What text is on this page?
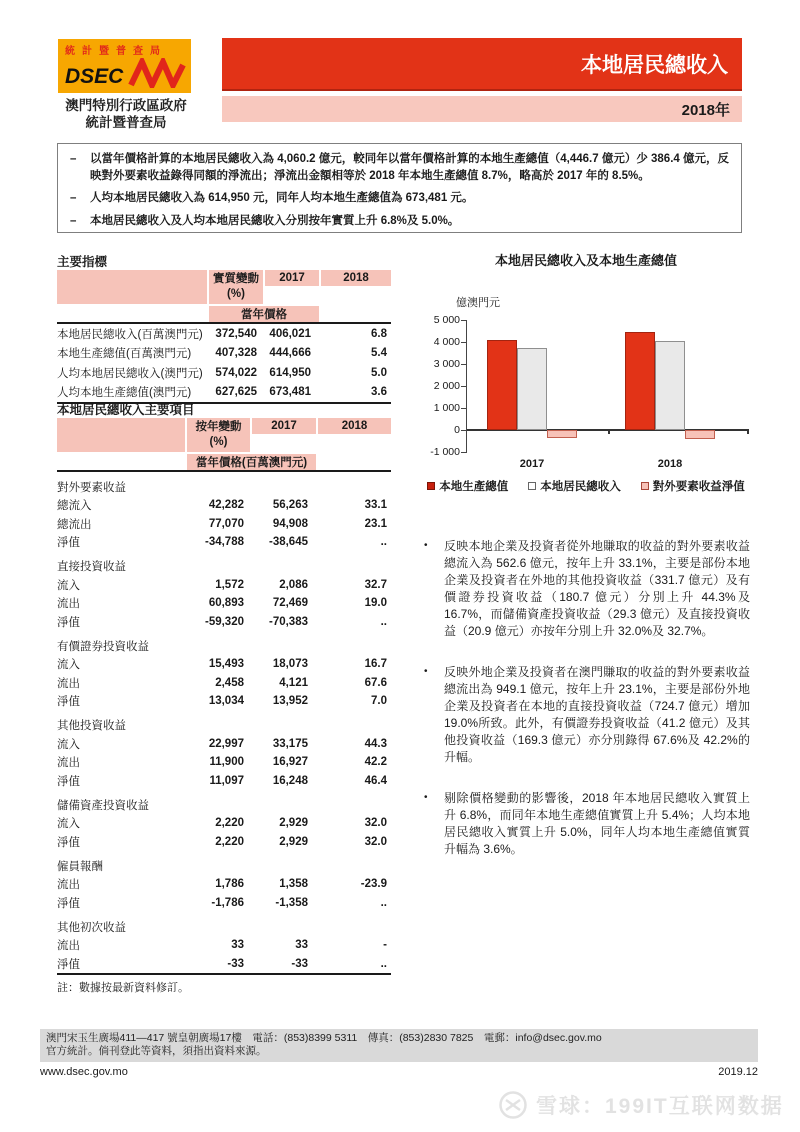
統計暨普查局
DSEC
澳門特別行政區政府
統計暨普查局
本地居民總收入
2018年
–	以當年價格計算的本地居民總收入為 4,060.2 億元，較同年以當年價格計算的本地生產總值（4,446.7 億元）少 386.4 億元，反映對外要素收益錄得同額的淨流出；淨流出金額相等於 2018 年本地生產總值 8.7%，略高於 2017 年的 8.5%。
–	人均本地居民總收入為 614,950 元，同年人均本地生產總值為 673,481 元。
–	本地居民總收入及人均本地居民總收入分別按年實質上升 6.8%及 5.0%。
主要指標
2017	2018
實質變動
(%)
當年價格
本地居民總收入(百萬澳門元)	372,540	406,021	6.8
本地生產總值(百萬澳門元)	407,328	444,666	5.4
人均本地居民總收入(澳門元)	574,022	614,950	5.0
人均本地生產總值(澳門元)	627,625	673,481	3.6
本地居民總收入主要項目
2017	2018
按年變動
(%)
當年價格(百萬澳門元)
對外要素收益
總流入	42,282	56,263	33.1
總流出	77,070	94,908	23.1
淨值	-34,788	-38,645	..
直接投資收益
流入	1,572	2,086	32.7
流出	60,893	72,469	19.0
淨值	-59,320	-70,383	..
有價證券投資收益
流入	15,493	18,073	16.7
流出	2,458	4,121	67.6
淨值	13,034	13,952	7.0
其他投資收益
流入	22,997	33,175	44.3
流出	11,900	16,927	42.2
淨值	11,097	16,248	46.4
儲備資產投資收益
流入	2,220	2,929	32.0
淨值	2,220	2,929	32.0
僱員報酬
流出	1,786	1,358	-23.9
淨值	-1,786	-1,358	..
其他初次收益
流出	33	33	-
淨值	-33	-33	..
註：數據按最新資料修訂。
本地居民總收入及本地生產總值
億澳門元
5 000
4 000
3 000
2 000
1 000
0
-1 000
2017	2018
本地生產總值	本地居民總收入	對外要素收益淨值
•	反映本地企業及投資者從外地賺取的收益的對外要素收益總流入為 562.6 億元，按年上升 33.1%，主要是部份本地企業及投資者在外地的其他投資收益（331.7 億元）及有價證券投資收益（180.7 億元）分別上升 44.3%及 16.7%，而儲備資產投資收益（29.3 億元）及直接投資收益（20.9 億元）亦按年分別上升 32.0%及 32.7%。
•	反映外地企業及投資者在澳門賺取的收益的對外要素收益總流出為 949.1 億元，按年上升 23.1%，主要是部份外地企業及投資者在本地的直接投資收益（724.7 億元）增加 19.0%所致。此外，有價證券投資收益（41.2 億元）及其他投資收益（169.3 億元）亦分別錄得 67.6%及 42.2%的升幅。
•	剔除價格變動的影響後，2018 年本地居民總收入實質上升 6.8%，而同年本地生產總值實質上升 5.4%；人均本地居民總收入實質上升 5.0%，同年人均本地生產總值實質升幅為 3.6%。
澳門宋玉生廣場411—417 號皇朝廣場17樓　電話：(853)8399 5311　傳真：(853)2830 7825　電郵：info@dsec.gov.mo
官方統計。倘刊登此等資料，須指出資料來源。
www.dsec.gov.mo	2019.12
雪球：199IT互联网数据
